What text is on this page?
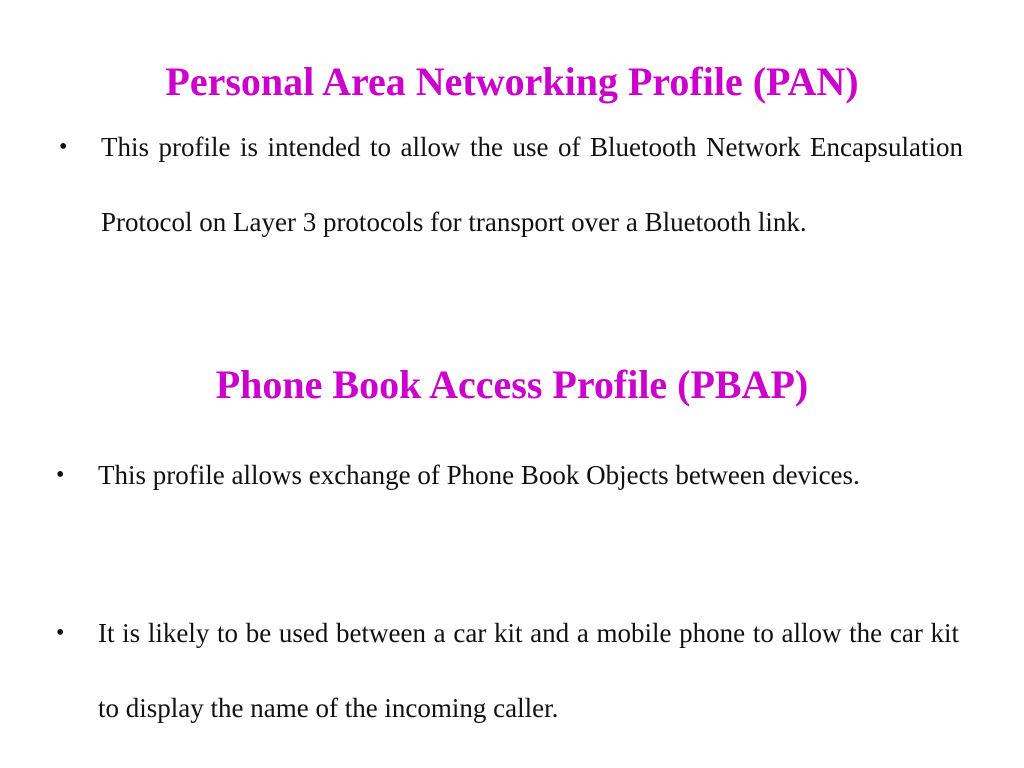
Personal Area Networking Profile (PAN)

• This profile is intended to allow the use of Bluetooth Network Encapsulation Protocol on Layer 3 protocols for transport over a Bluetooth link.

Phone Book Access Profile (PBAP)

• This profile allows exchange of Phone Book Objects between devices.

• It is likely to be used between a car kit and a mobile phone to allow the car kit to display the name of the incoming caller.
